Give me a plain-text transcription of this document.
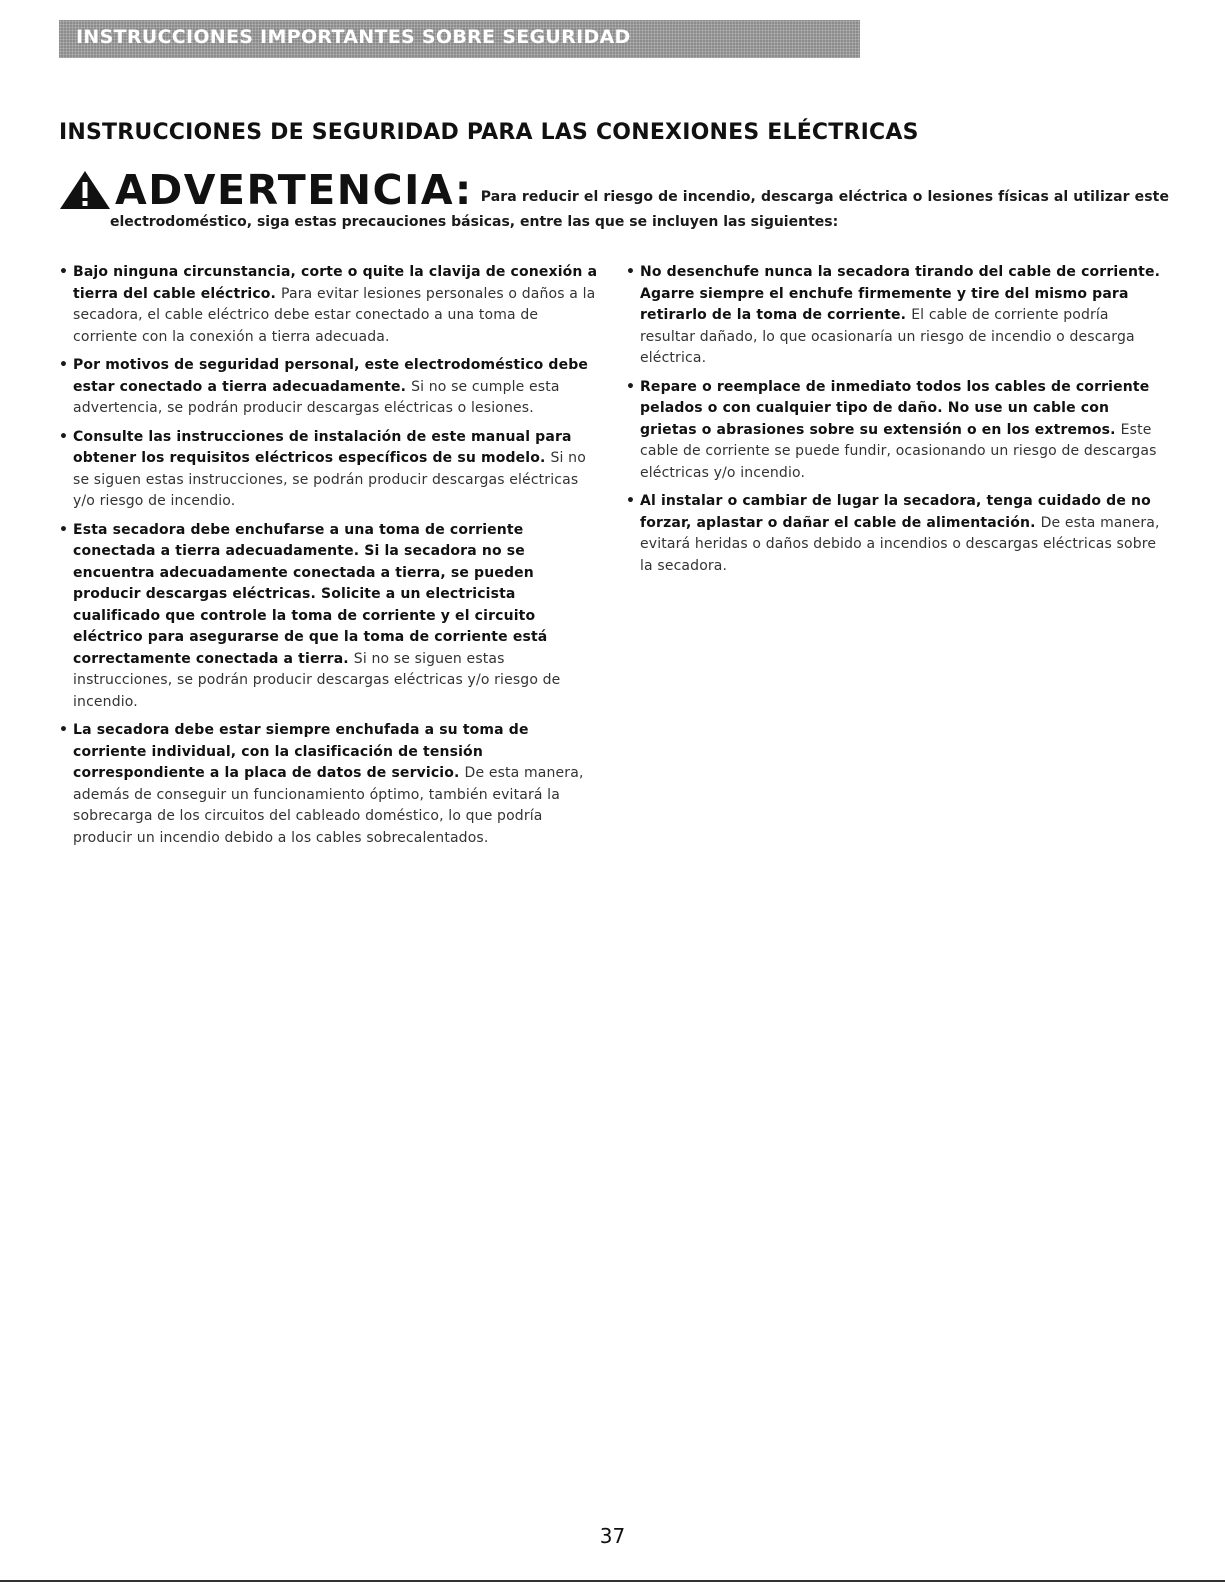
INSTRUCCIONES IMPORTANTES SOBRE SEGURIDAD
INSTRUCCIONES DE SEGURIDAD PARA LAS CONEXIONES ELÉCTRICAS
ADVERTENCIA: Para reducir el riesgo de incendio, descarga eléctrica o lesiones físicas al utilizar este
electrodoméstico, siga estas precauciones básicas, entre las que se incluyen las siguientes:
• Bajo ninguna circunstancia, corte o quite la clavija de conexión a tierra del cable eléctrico. Para evitar lesiones personales o daños a la secadora, el cable eléctrico debe estar conectado a una toma de corriente con la conexión a tierra adecuada.
• Por motivos de seguridad personal, este electrodoméstico debe estar conectado a tierra adecuadamente. Si no se cumple esta advertencia, se podrán producir descargas eléctricas o lesiones.
• Consulte las instrucciones de instalación de este manual para obtener los requisitos eléctricos específicos de su modelo. Si no se siguen estas instrucciones, se podrán producir descargas eléctricas y/o riesgo de incendio.
• Esta secadora debe enchufarse a una toma de corriente conectada a tierra adecuadamente. Si la secadora no se encuentra adecuadamente conectada a tierra, se pueden producir descargas eléctricas. Solicite a un electricista cualificado que controle la toma de corriente y el circuito eléctrico para asegurarse de que la toma de corriente está correctamente conectada a tierra. Si no se siguen estas instrucciones, se podrán producir descargas eléctricas y/o riesgo de incendio.
• La secadora debe estar siempre enchufada a su toma de corriente individual, con la clasificación de tensión correspondiente a la placa de datos de servicio. De esta manera, además de conseguir un funcionamiento óptimo, también evitará la sobrecarga de los circuitos del cableado doméstico, lo que podría producir un incendio debido a los cables sobrecalentados.
• No desenchufe nunca la secadora tirando del cable de corriente. Agarre siempre el enchufe firmemente y tire del mismo para retirarlo de la toma de corriente. El cable de corriente podría resultar dañado, lo que ocasionaría un riesgo de incendio o descarga eléctrica.
• Repare o reemplace de inmediato todos los cables de corriente pelados o con cualquier tipo de daño. No use un cable con grietas o abrasiones sobre su extensión o en los extremos. Este cable de corriente se puede fundir, ocasionando un riesgo de descargas eléctricas y/o incendio.
• Al instalar o cambiar de lugar la secadora, tenga cuidado de no forzar, aplastar o dañar el cable de alimentación. De esta manera, evitará heridas o daños debido a incendios o descargas eléctricas sobre la secadora.
37
